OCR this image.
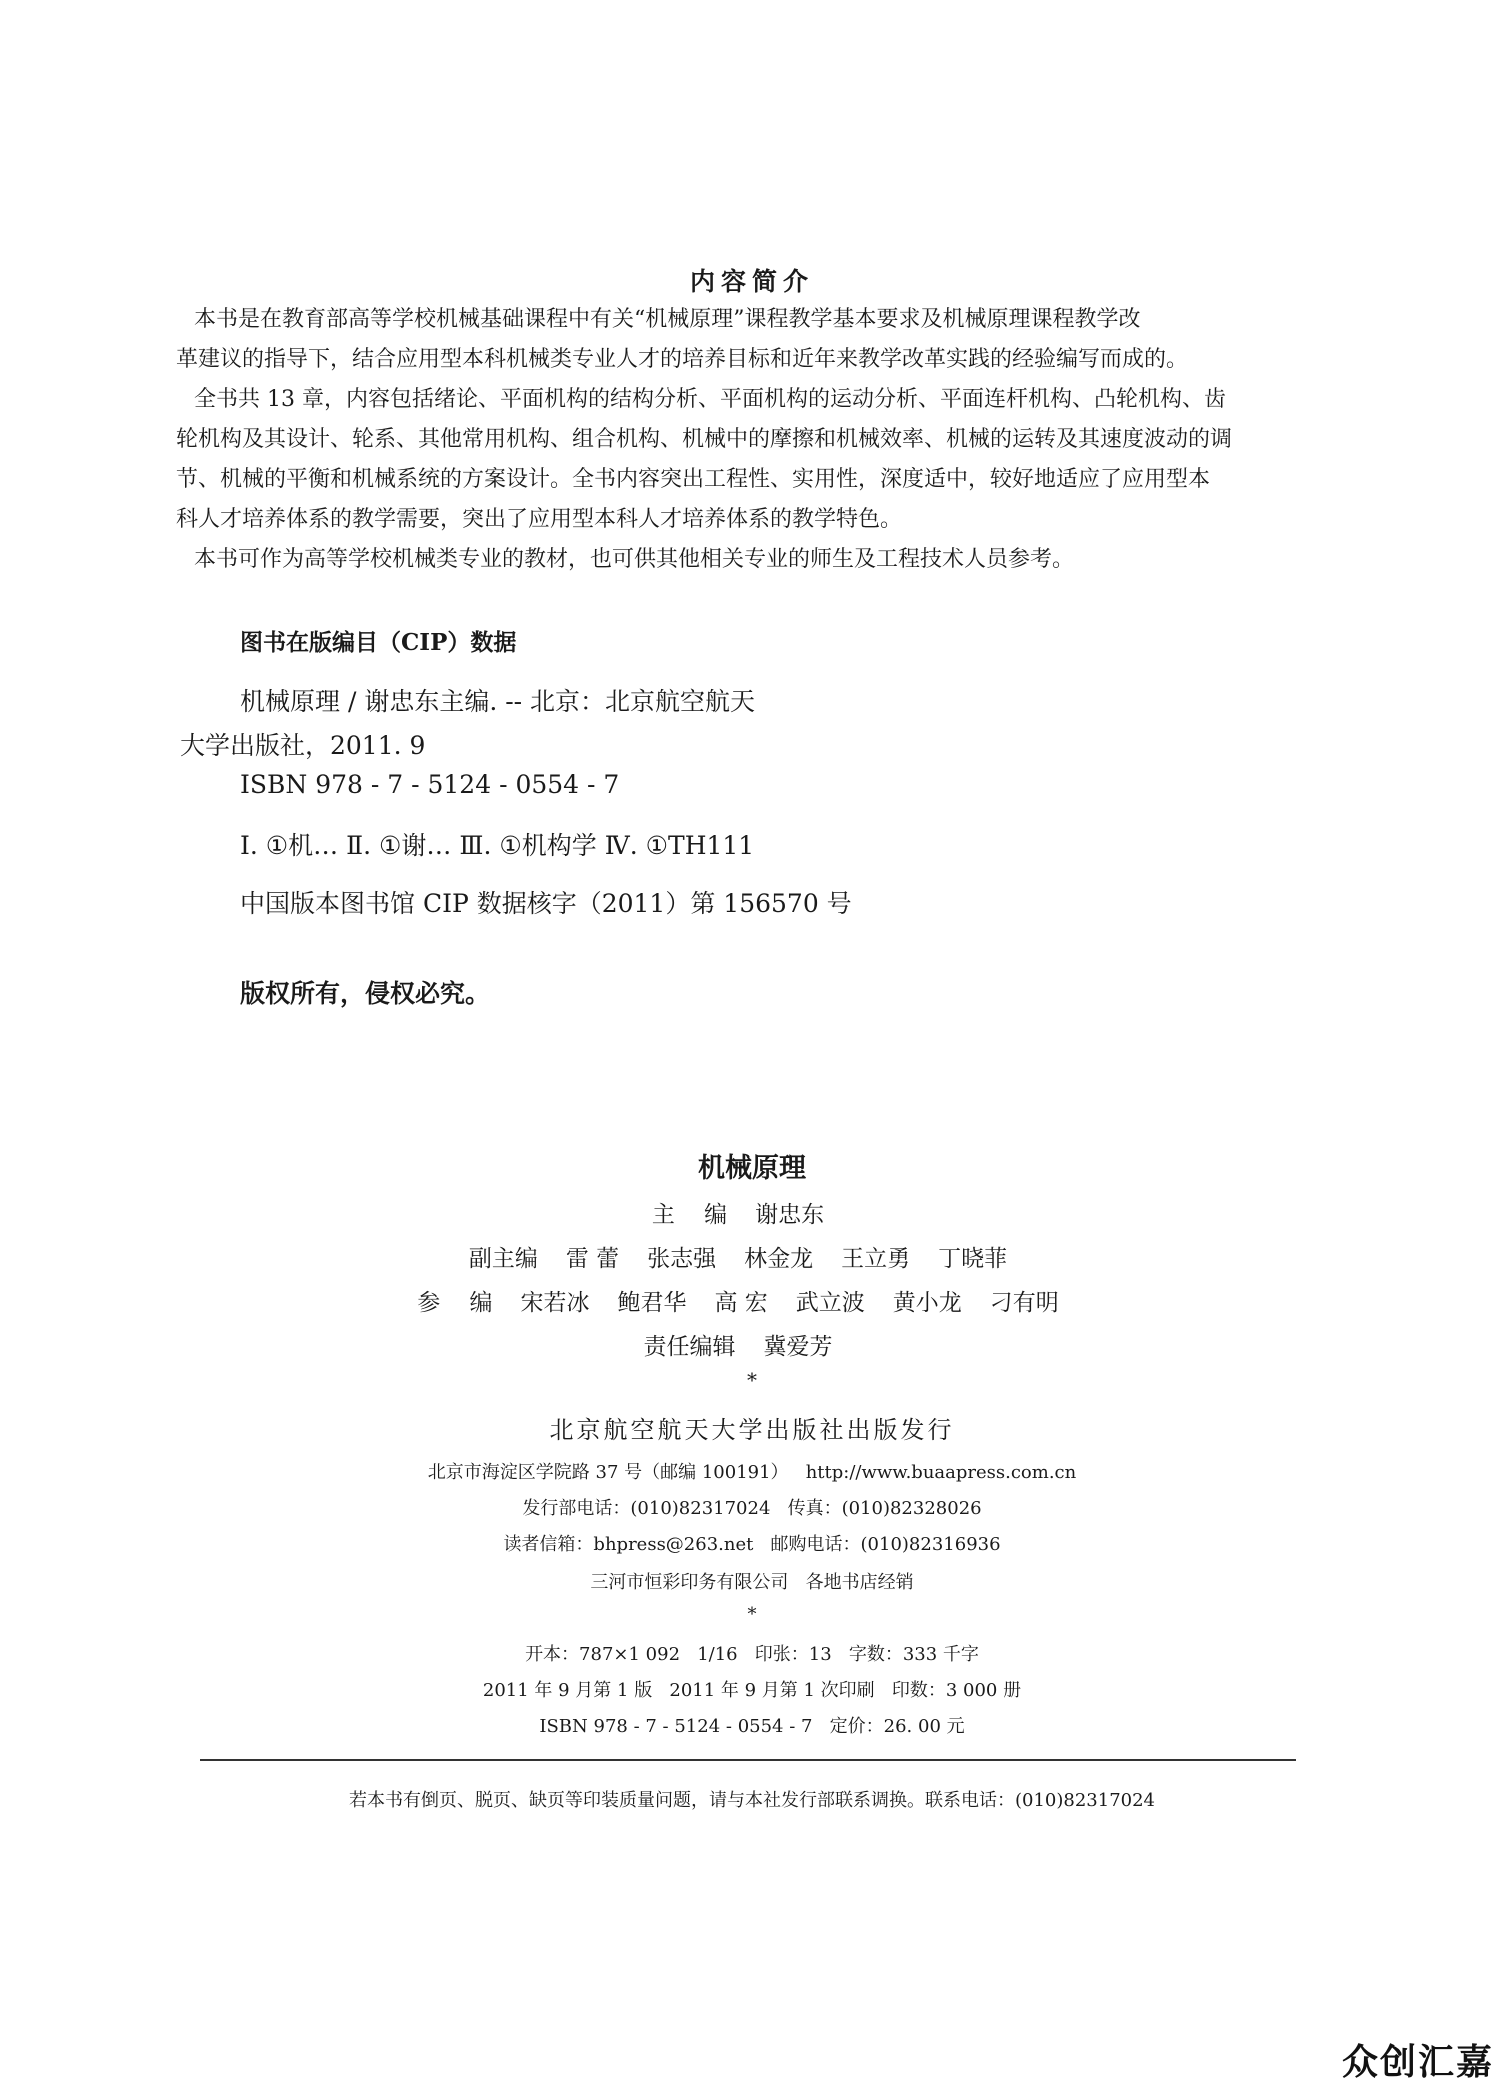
内容简介
本书是在教育部高等学校机械基础课程中有关“机械原理”课程教学基本要求及机械原理课程教学改
革建议的指导下，结合应用型本科机械类专业人才的培养目标和近年来教学改革实践的经验编写而成的。
全书共 13 章，内容包括绪论、平面机构的结构分析、平面机构的运动分析、平面连杆机构、凸轮机构、齿
轮机构及其设计、轮系、其他常用机构、组合机构、机械中的摩擦和机械效率、机械的运转及其速度波动的调
节、机械的平衡和机械系统的方案设计。全书内容突出工程性、实用性，深度适中，较好地适应了应用型本
科人才培养体系的教学需要，突出了应用型本科人才培养体系的教学特色。
本书可作为高等学校机械类专业的教材，也可供其他相关专业的师生及工程技术人员参考。
图书在版编目（CIP）数据
机械原理 / 谢忠东主编. -- 北京：北京航空航天
大学出版社，2011. 9
ISBN 978 - 7 - 5124 - 0554 - 7
Ⅰ. ①机… Ⅱ. ①谢… Ⅲ. ①机构学 Ⅳ. ①TH111
中国版本图书馆 CIP 数据核字（2011）第 156570 号
版权所有，侵权必究。
机械原理
主    编 谢忠东
副主编 雷 蕾 张志强 林金龙 王立勇 丁晓菲
参    编 宋若冰 鲍君华 高 宏 武立波 黄小龙 刁有明
责任编辑 冀爱芳
*
北京航空航天大学出版社出版发行
北京市海淀区学院路 37 号（邮编 100191）   http://www.buaapress.com.cn
发行部电话：(010)82317024   传真：(010)82328026
读者信箱：bhpress@263.net   邮购电话：(010)82316936
三河市恒彩印务有限公司   各地书店经销
*
开本：787×1 092   1/16   印张：13   字数：333 千字
2011 年 9 月第 1 版   2011 年 9 月第 1 次印刷   印数：3 000 册
ISBN 978 - 7 - 5124 - 0554 - 7   定价：26. 00 元
若本书有倒页、脱页、缺页等印装质量问题，请与本社发行部联系调换。联系电话：(010)82317024
众创汇嘉
